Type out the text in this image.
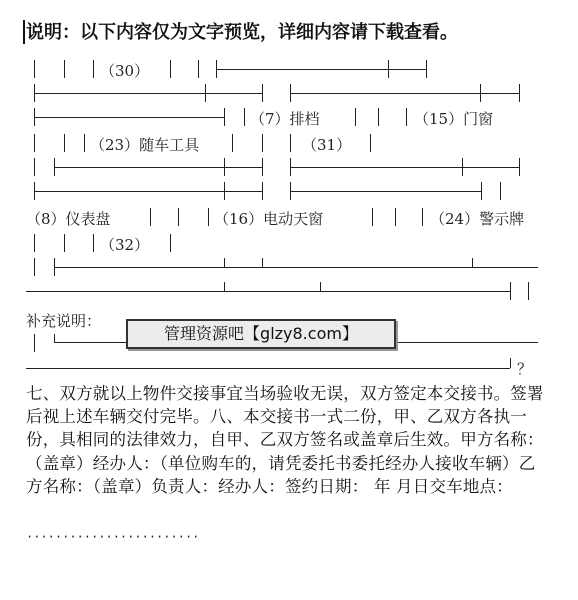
说明：以下内容仅为文字预览，详细内容请下载查看。
（30）
（7）排档	（15）门窗
（23）随车工具	（31）
（8）仪表盘	（16）电动天窗	（24）警示牌
（32）
补充说明：
管理资源吧【glzy8.com】
？
七、双方就以上物件交接事宜当场验收无误，双方签定本交接书。签署后视上述车辆交付完毕。八、本交接书一式二份，甲、乙双方各执一份，具相同的法律效力，自甲、乙双方签名或盖章后生效。甲方名称：（盖章）经办人：（单位购车的，请凭委托书委托经办人接收车辆）乙方名称：（盖章）负责人：经办人：签约日期： 年 月日交车地点：
························
